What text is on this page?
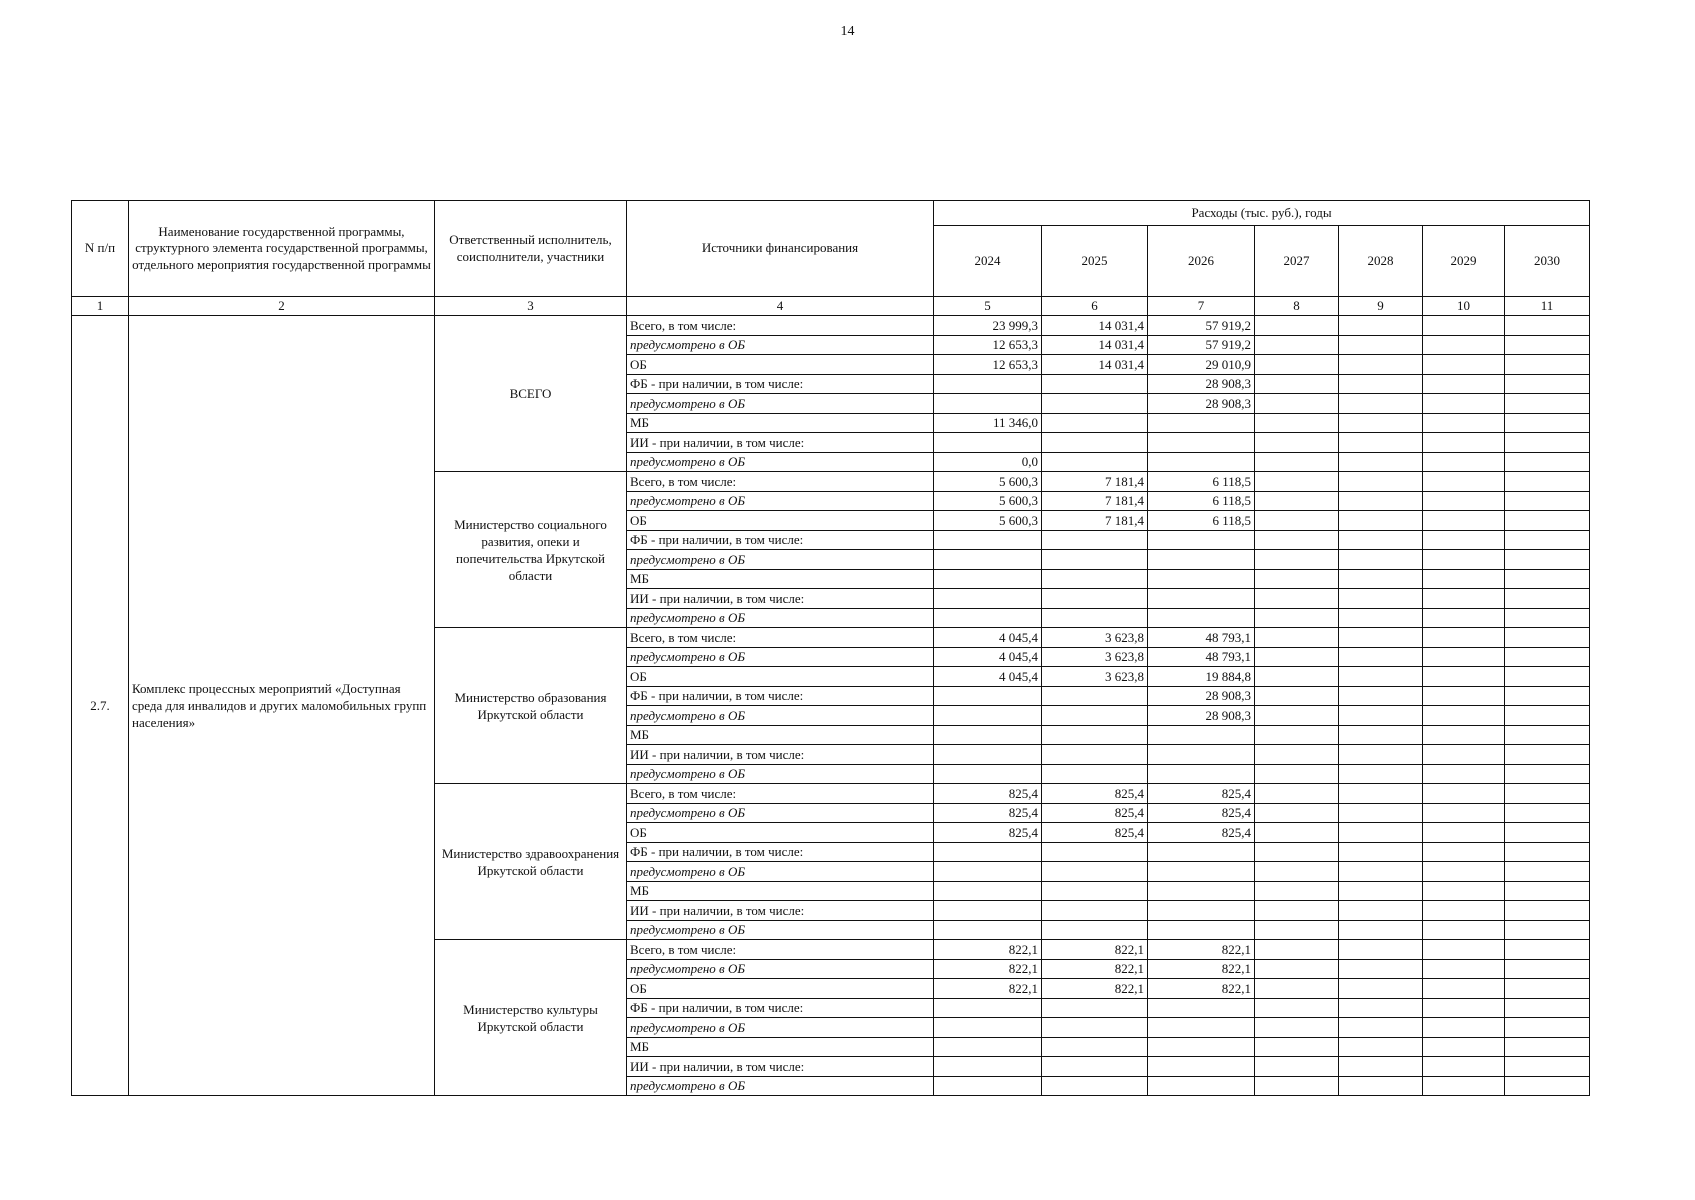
14
N п/п	Наименование государственной программы, структурного элемента государственной программы, отдельного мероприятия государственной программы	Ответственный исполнитель, соисполнители, участники	Источники финансирования	Расходы (тыс. руб.), годы						
				2024	2025	2026	2027	2028	2029	2030
1	2	3	4	5	6	7	8	9	10	11
2.7.	Комплекс процессных мероприятий «Доступная среда для инвалидов и других маломобильных групп населения»	ВСЕГО	Всего, в том числе:	23 999,3	14 031,4	57 919,2				
			предусмотрено в ОБ	12 653,3	14 031,4	57 919,2				
			ОБ	12 653,3	14 031,4	29 010,9				
			ФБ - при наличии, в том числе:			28 908,3				
			предусмотрено в ОБ			28 908,3				
			МБ	11 346,0						
			ИИ - при наличии, в том числе:							
			предусмотрено в ОБ	0,0						
		Министерство социального развития, опеки и попечительства Иркутской области	Всего, в том числе:	5 600,3	7 181,4	6 118,5				
			предусмотрено в ОБ	5 600,3	7 181,4	6 118,5				
			ОБ	5 600,3	7 181,4	6 118,5				
			ФБ - при наличии, в том числе:							
			предусмотрено в ОБ							
			МБ							
			ИИ - при наличии, в том числе:							
			предусмотрено в ОБ							
		Министерство образования Иркутской области	Всего, в том числе:	4 045,4	3 623,8	48 793,1				
			предусмотрено в ОБ	4 045,4	3 623,8	48 793,1				
			ОБ	4 045,4	3 623,8	19 884,8				
			ФБ - при наличии, в том числе:			28 908,3				
			предусмотрено в ОБ			28 908,3				
			МБ							
			ИИ - при наличии, в том числе:							
			предусмотрено в ОБ							
		Министерство здравоохранения Иркутской области	Всего, в том числе:	825,4	825,4	825,4				
			предусмотрено в ОБ	825,4	825,4	825,4				
			ОБ	825,4	825,4	825,4				
			ФБ - при наличии, в том числе:							
			предусмотрено в ОБ							
			МБ							
			ИИ - при наличии, в том числе:							
			предусмотрено в ОБ							
		Министерство культуры Иркутской области	Всего, в том числе:	822,1	822,1	822,1				
			предусмотрено в ОБ	822,1	822,1	822,1				
			ОБ	822,1	822,1	822,1				
			ФБ - при наличии, в том числе:							
			предусмотрено в ОБ							
			МБ							
			ИИ - при наличии, в том числе:							
			предусмотрено в ОБ							
